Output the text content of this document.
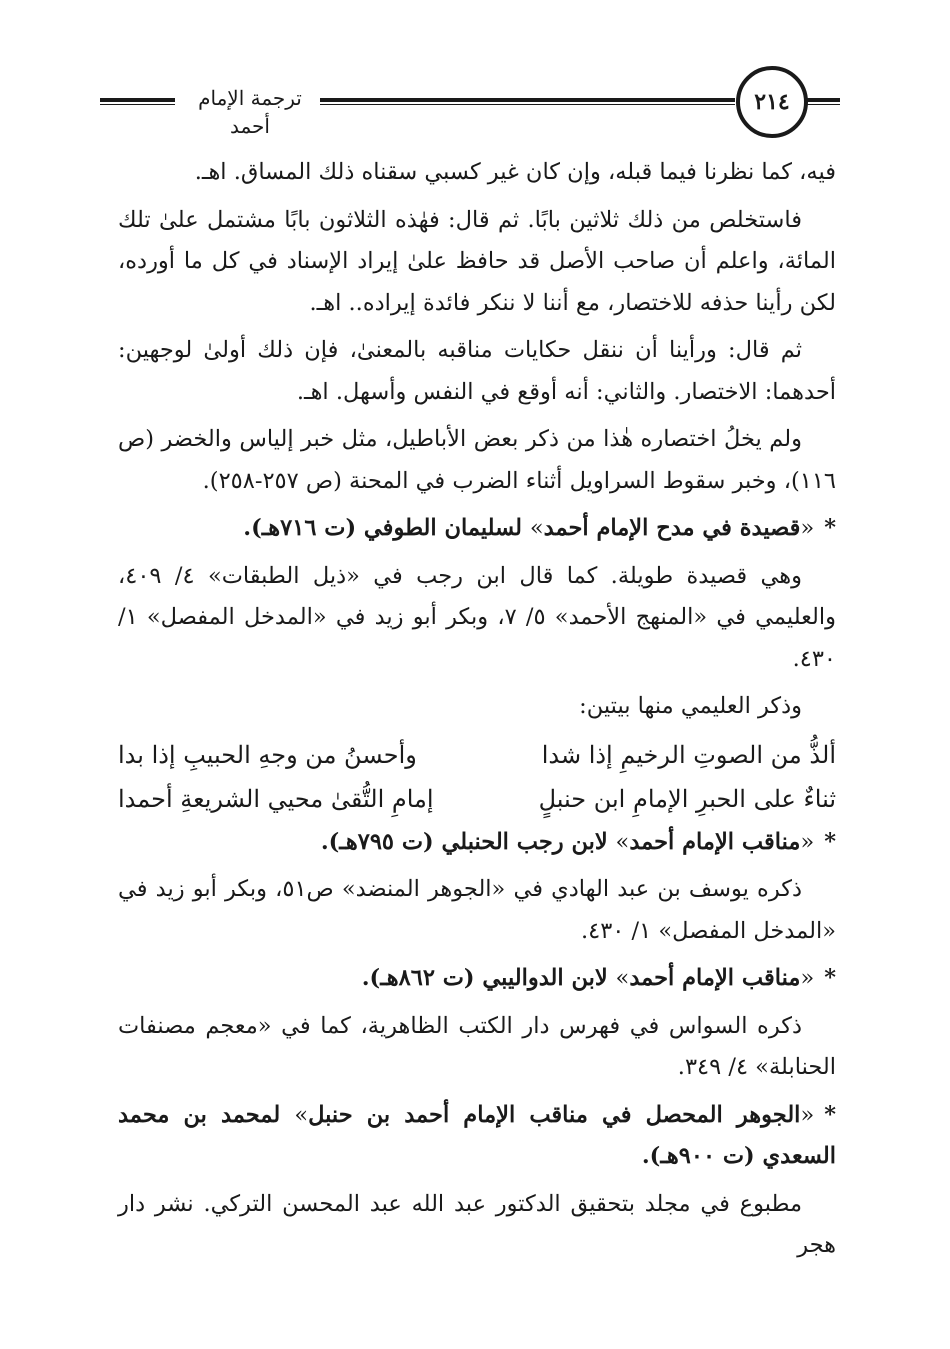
ترجمة الإمام أحمد
٢١٤

فيه، كما نظرنا فيما قبله، وإن كان غير كسبي سقناه ذلك المساق. اهـ.

فاستخلص من ذلك ثلاثين بابًا. ثم قال: فهٰذه الثلاثون بابًا مشتمل علىٰ تلك المائة، واعلم أن صاحب الأصل قد حافظ علىٰ إيراد الإسناد في كل ما أورده، لكن رأينا حذفه للاختصار، مع أننا لا ننكر فائدة إيراده.. اهـ.

ثم قال: ورأينا أن ننقل حكايات مناقبه بالمعنىٰ، فإن ذلك أولىٰ لوجهين: أحدهما: الاختصار. والثاني: أنه أوقع في النفس وأسهل. اهـ.

ولم يخلُ اختصاره هٰذا من ذكر بعض الأباطيل، مثل خبر إلياس والخضر (ص ١١٦)، وخبر سقوط السراويل أثناء الضرب في المحنة (ص ٢٥٧-٢٥٨).

*«قصيدة في مدح الإمام أحمد» لسليمان الطوفي (ت ٧١٦هـ).

وهي قصيدة طويلة. كما قال ابن رجب في «ذيل الطبقات» ٤/ ٤٠٩، والعليمي في «المنهج الأحمد» ٥/ ٧، وبكر أبو زيد في «المدخل المفصل» ١/ ٤٣٠.

وذكر العليمي منها بيتين:

ألذُّ من الصوتِ الرخيمِ إذا شدا
وأحسنُ من وجهِ الحبيبِ إذا بدا
ثناءٌ على الحبرِ الإمامِ ابن حنبلٍ
إمامِ التُّقىٰ محيي الشريعةِ أحمدا

*«مناقب الإمام أحمد» لابن رجب الحنبلي (ت ٧٩٥هـ).

ذكره يوسف بن عبد الهادي في «الجوهر المنضد» ص٥١، وبكر أبو زيد في «المدخل المفصل» ١/ ٤٣٠.

*«مناقب الإمام أحمد» لابن الدواليبي (ت ٨٦٢هـ).

ذكره السواس في فهرس دار الكتب الظاهرية، كما في «معجم مصنفات الحنابلة» ٤/ ٣٤٩.

*«الجوهر المحصل في مناقب الإمام أحمد بن حنبل» لمحمد بن محمد السعدي (ت ٩٠٠هـ).

مطبوع في مجلد بتحقيق الدكتور عبد الله عبد المحسن التركي. نشر دار هجر
